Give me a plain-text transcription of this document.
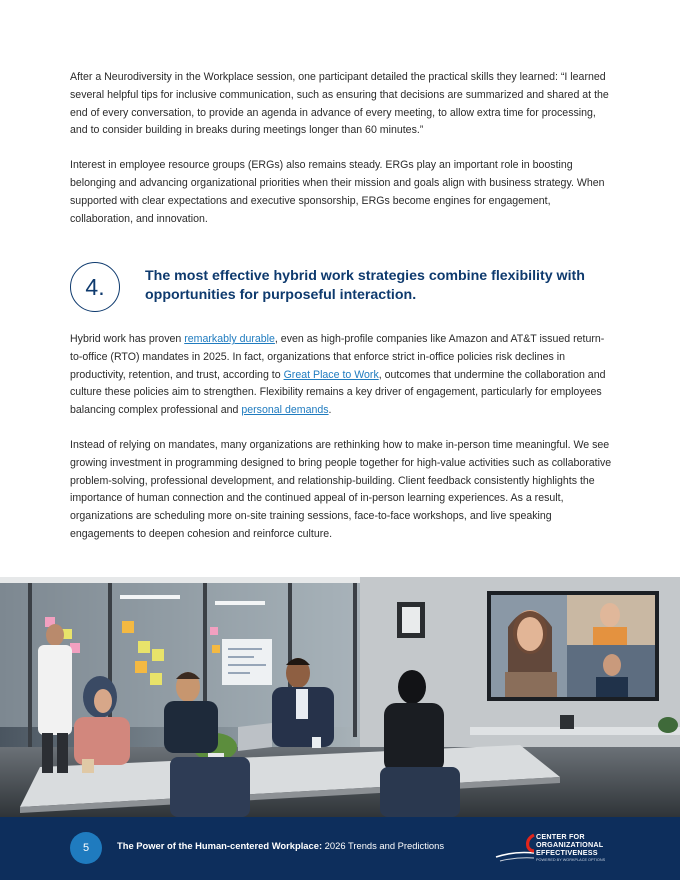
After a Neurodiversity in the Workplace session, one participant detailed the practical skills they learned: “I learned several helpful tips for inclusive communication, such as ensuring that decisions are summarized and shared at the end of every conversation, to provide an agenda in advance of every meeting, to allow extra time for processing, and to consider building in breaks during meetings longer than 60 minutes.”

Interest in employee resource groups (ERGs) also remains steady. ERGs play an important role in boosting belonging and advancing organizational priorities when their mission and goals align with business strategy. When supported with clear expectations and executive sponsorship, ERGs become engines for engagement, collaboration, and innovation.

4.	The most effective hybrid work strategies combine flexibility with opportunities for purposeful interaction.

Hybrid work has proven remarkably durable, even as high-profile companies like Amazon and AT&T issued return-to-office (RTO) mandates in 2025. In fact, organizations that enforce strict in-office policies risk declines in productivity, retention, and trust, according to Great Place to Work, outcomes that undermine the collaboration and culture these policies aim to strengthen. Flexibility remains a key driver of engagement, particularly for employees balancing complex professional and personal demands.

Instead of relying on mandates, many organizations are rethinking how to make in-person time meaningful. We see growing investment in programming designed to bring people together for high-value activities such as collaborative problem-solving, professional development, and relationship-building. Client feedback consistently highlights the importance of human connection and the continued appeal of in-person learning experiences. As a result, organizations are scheduling more on-site training sessions, face-to-face workshops, and live speaking engagements to deepen cohesion and reinforce culture.

5	The Power of the Human-centered Workplace: 2026 Trends and Predictions
CENTER FOR
ORGANIZATIONAL
EFFECTIVENESS
POWERED BY WORKPLACE OPTIONS
